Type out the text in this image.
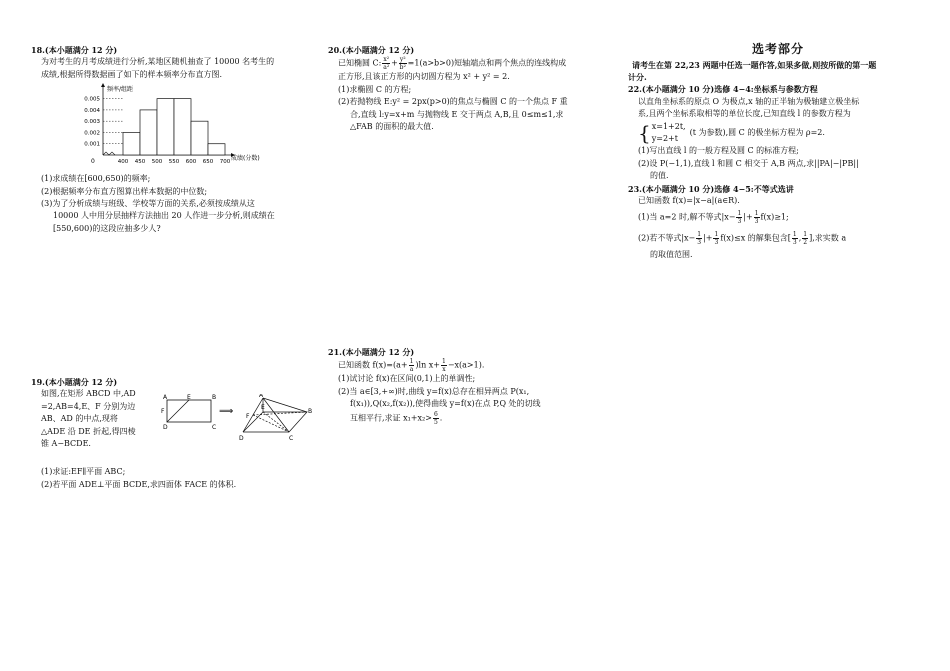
18.(本小题满分 12 分)
为对考生的月考成绩进行分析,某地区随机抽查了 10000 名考生的
成绩,根据所得数据画了如下的样本频率分布直方图.
0.001
0.002
0.003
0.004
0.005
400 450 500 550 600 650 700
频率/组距
成绩(分数)
0
(1)求成绩在[600,650)的频率;
(2)根据频率分布直方图算出样本数据的中位数;
(3)为了分析成绩与班级、学校等方面的关系,必须按成绩从这
10000 人中用分层抽样方法抽出 20 人作进一步分析,则成绩在
[550,600)的这段应抽多少人?
19.(本小题满分 12 分)
如图,在矩形 ABCD 中,AD
=2,AB=4,E、F 分别为边
AB、AD 的中点,现将
△ADE 沿 DE 折起,得四棱
锥 A−BCDE.
A	E	B
F
D	C
⟹
A
E
B
F
D	C
(1)求证:EF∥平面 ABC;
(2)若平面 ADE⊥平面 BCDE,求四面体 FACE 的体积.
20.(本小题满分 12 分)
已知椭圆 C: $\frac{\text{x²}}{\text{a²}} + \frac{\text{y²}}{\text{b²}} =1(a>b>0)$短轴端点和两个焦点的连线构成
正方形,且该正方形的内切圆方程为 x² + y² = 2.
(1)求椭圆 C 的方程;
(2)若抛物线 E:y² = 2px(p>0)的焦点与椭圆 C 的一个焦点 F 重
合,直线 l:y=x+m 与抛物线 E 交于两点 A,B,且 0≤m≤1,求
△FAB 的面积的最大值.
21.(本小题满分 12 分)
已知函数 $f(x)=(a+ \frac{1}{a} )\ln$ $x+ \frac{1}{x} -x(a>1)$.
(1)试讨论 f(x)在区间(0,1)上的单调性;
(2)当 a∈[3,+∞)时,曲线 y=f(x)总存在相异两点 P(x₁,
f(x₁)),Q(x₂,f(x₂)),使得曲线 y=f(x)在点 P,Q 处的切线
互相平行,求证 $x_1+x_2> \frac{6}{5}$ .
选考部分
请考生在第 22,23 两题中任选一题作答,如果多做,则按所做的第一题
计分.
22.(本小题满分 10 分)选修 4−4:坐标系与参数方程
以直角坐标系的原点 O 为极点,x 轴的正半轴为极轴建立极坐标
系,且两个坐标系取相等的单位长度,已知直线 l 的参数方程为
{ x=1+2t,
y=2+t
(t 为参数),圆 C 的极坐标方程为 ρ=2.
(1)写出直线 l 的一般方程及圆 C 的标准方程;
(2)设 P(−1,1),直线 l 和圆 C 相交于 A,B 两点,求||PA|−|PB||
的值.
23.(本小题满分 10 分)选修 4−5:不等式选讲
已知函数 f(x)=|x−a|(a∈R).
(1)当 a=2 时,解不等式$|x- \frac{1}{3}$ |+ $\frac{1}{3} f(x)\ge 1$;
(2)若不等式$|x- \frac{1}{3}$ |+ $\frac{1}{3} f(x)\le x$ 的解集包含[ $\frac{1}{3}$ , $\frac{1}{2}$ ],求实数 a
的取值范围.
